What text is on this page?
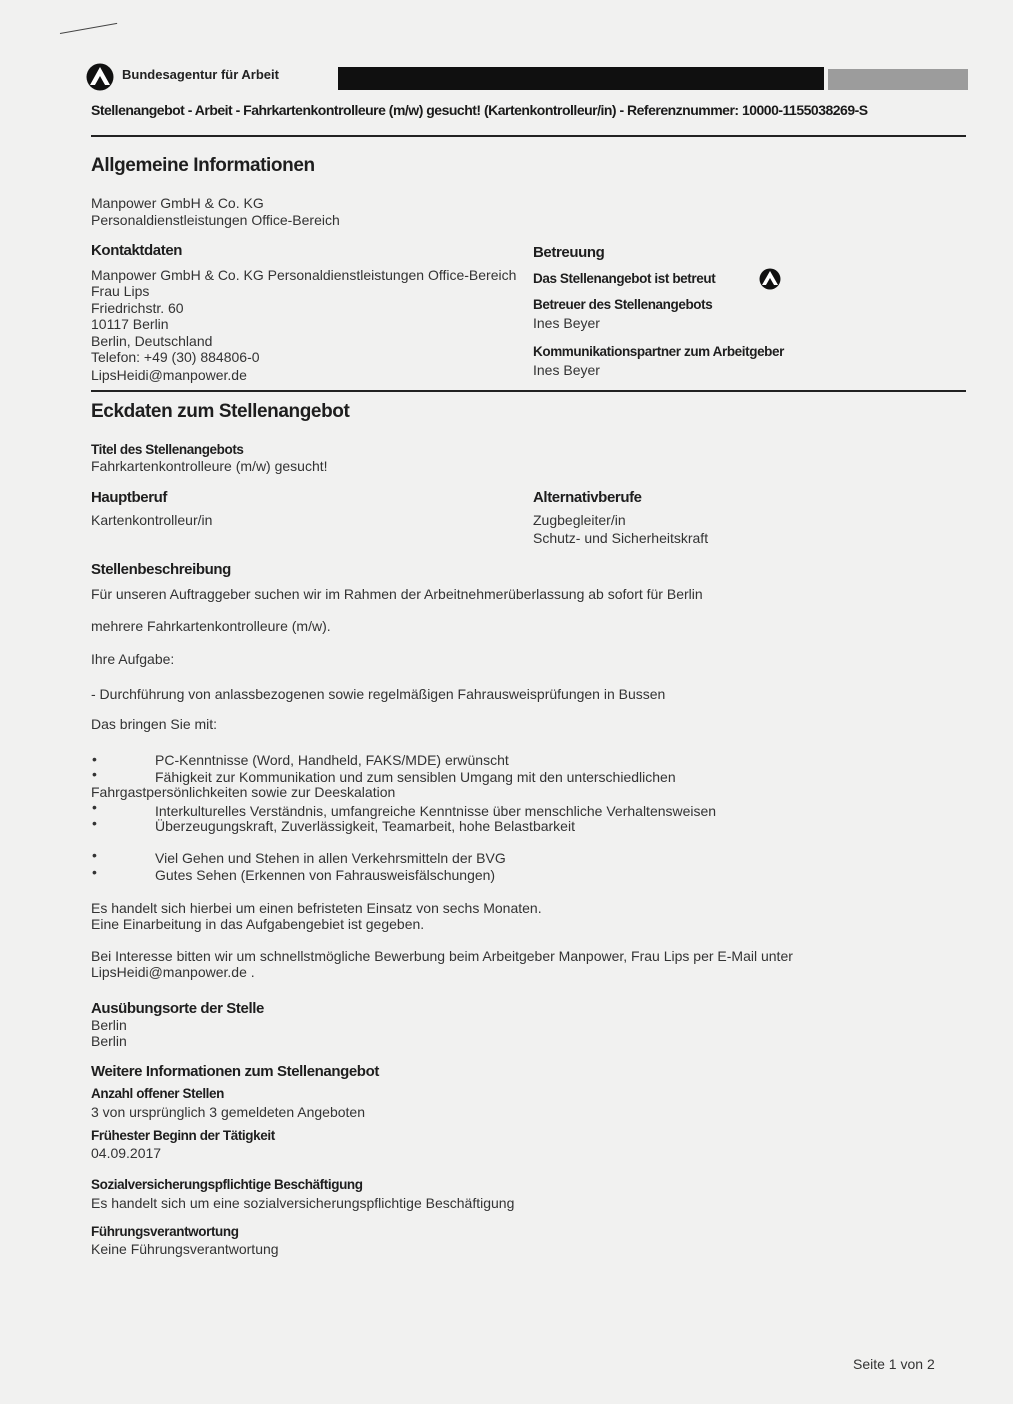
Bundesagentur für Arbeit
Stellenangebot - Arbeit - Fahrkartenkontrolleure (m/w) gesucht! (Kartenkontrolleur/in) - Referenznummer: 10000-1155038269-S
Allgemeine Informationen
Manpower GmbH & Co. KG
Personaldienstleistungen Office-Bereich
Kontaktdaten
Manpower GmbH & Co. KG Personaldienstleistungen Office-Bereich
Frau Lips
Friedrichstr. 60
10117 Berlin
Berlin, Deutschland
Telefon: +49 (30) 884806-0
LipsHeidi@manpower.de
Betreuung
Das Stellenangebot ist betreut
Betreuer des Stellenangebots
Ines Beyer
Kommunikationspartner zum Arbeitgeber
Ines Beyer
Eckdaten zum Stellenangebot
Titel des Stellenangebots
Fahrkartenkontrolleure (m/w) gesucht!
Hauptberuf
Kartenkontrolleur/in
Alternativberufe
Zugbegleiter/in
Schutz- und Sicherheitskraft
Stellenbeschreibung
Für unseren Auftraggeber suchen wir im Rahmen der Arbeitnehmerüberlassung ab sofort für Berlin
mehrere Fahrkartenkontrolleure (m/w).
Ihre Aufgabe:
- Durchführung von anlassbezogenen sowie regelmäßigen Fahrausweisprüfungen in Bussen
Das bringen Sie mit:
•	PC-Kenntnisse (Word, Handheld, FAKS/MDE) erwünscht
•	Fähigkeit zur Kommunikation und zum sensiblen Umgang mit den unterschiedlichen
Fahrgastpersönlichkeiten sowie zur Deeskalation
•	Interkulturelles Verständnis, umfangreiche Kenntnisse über menschliche Verhaltensweisen
•	Überzeugungskraft, Zuverlässigkeit, Teamarbeit, hohe Belastbarkeit
•	Viel Gehen und Stehen in allen Verkehrsmitteln der BVG
•	Gutes Sehen (Erkennen von Fahrausweisfälschungen)
Es handelt sich hierbei um einen befristeten Einsatz von sechs Monaten.
Eine Einarbeitung in das Aufgabengebiet ist gegeben.
Bei Interesse bitten wir um schnellstmögliche Bewerbung beim Arbeitgeber Manpower, Frau Lips per E-Mail unter
LipsHeidi@manpower.de .
Ausübungsorte der Stelle
Berlin
Berlin
Weitere Informationen zum Stellenangebot
Anzahl offener Stellen
3 von ursprünglich 3 gemeldeten Angeboten
Frühester Beginn der Tätigkeit
04.09.2017
Sozialversicherungspflichtige Beschäftigung
Es handelt sich um eine sozialversicherungspflichtige Beschäftigung
Führungsverantwortung
Keine Führungsverantwortung
Seite 1 von 2
